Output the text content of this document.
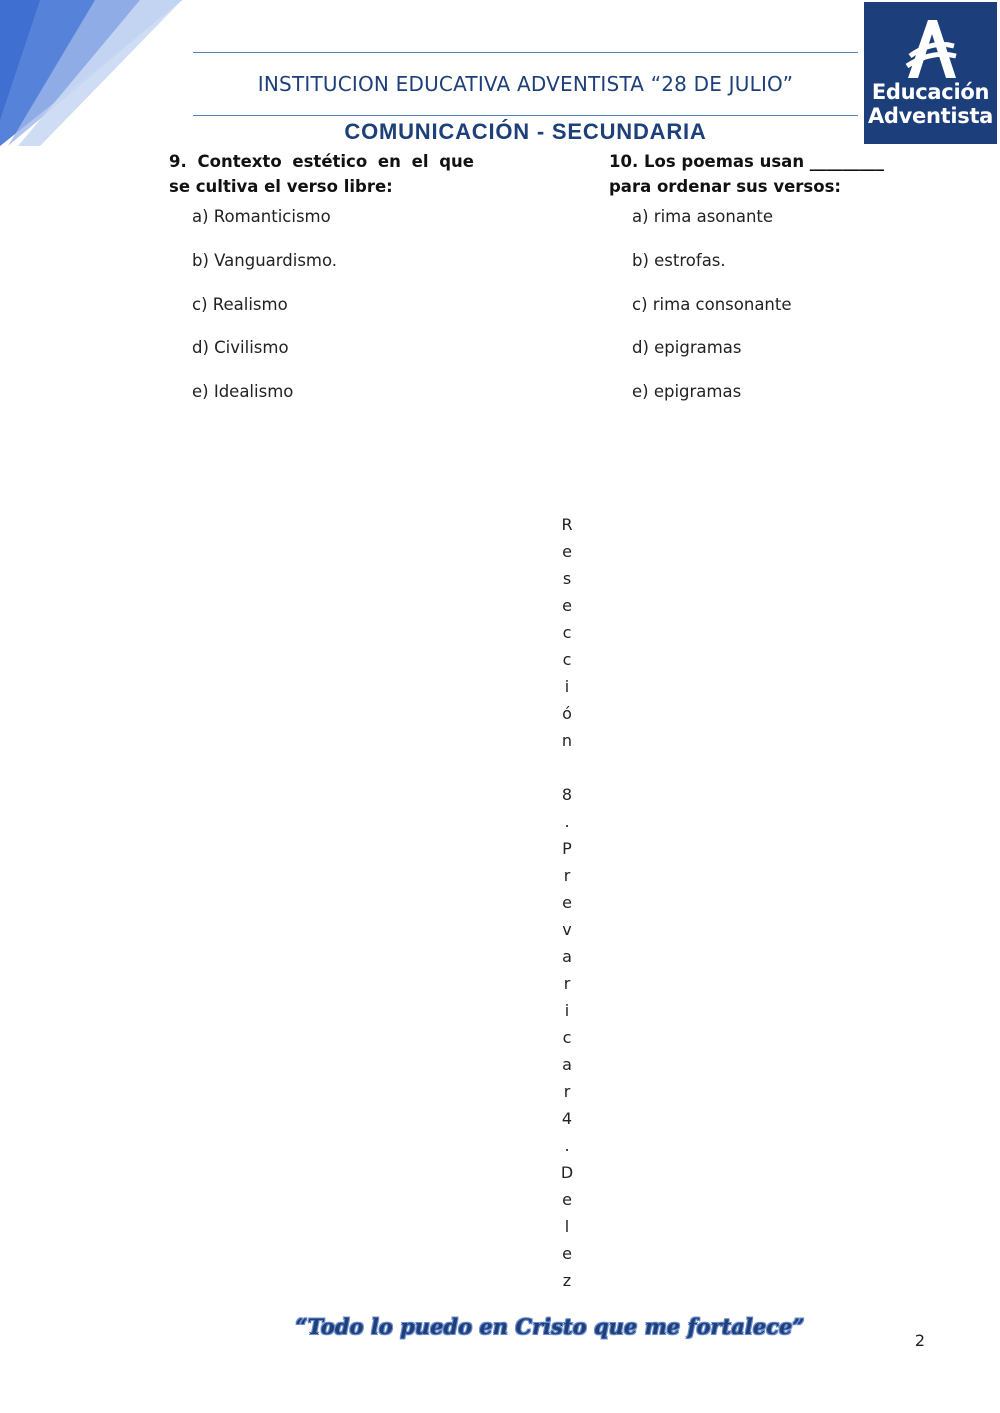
INSTITUCION EDUCATIVA ADVENTISTA “28 DE JULIO”
COMUNICACIÓN - SECUNDARIA
Educación
Adventista
9. Contexto estético en el que se cultiva el verso libre:
a) Romanticismo
b) Vanguardismo.
c) Realismo
d) Civilismo
e) Idealismo
10. Los poemas usan _________ para ordenar sus versos:
a) rima asonante
b) estrofas.
c) rima consonante
d) epigramas
e) epigramas
R
e
s
e
c
c
i
ó
n
8
.
P
r
e
v
a
r
i
c
a
r
4
.
D
e
l
e
z
“Todo lo puedo en Cristo que me fortalece”
2
